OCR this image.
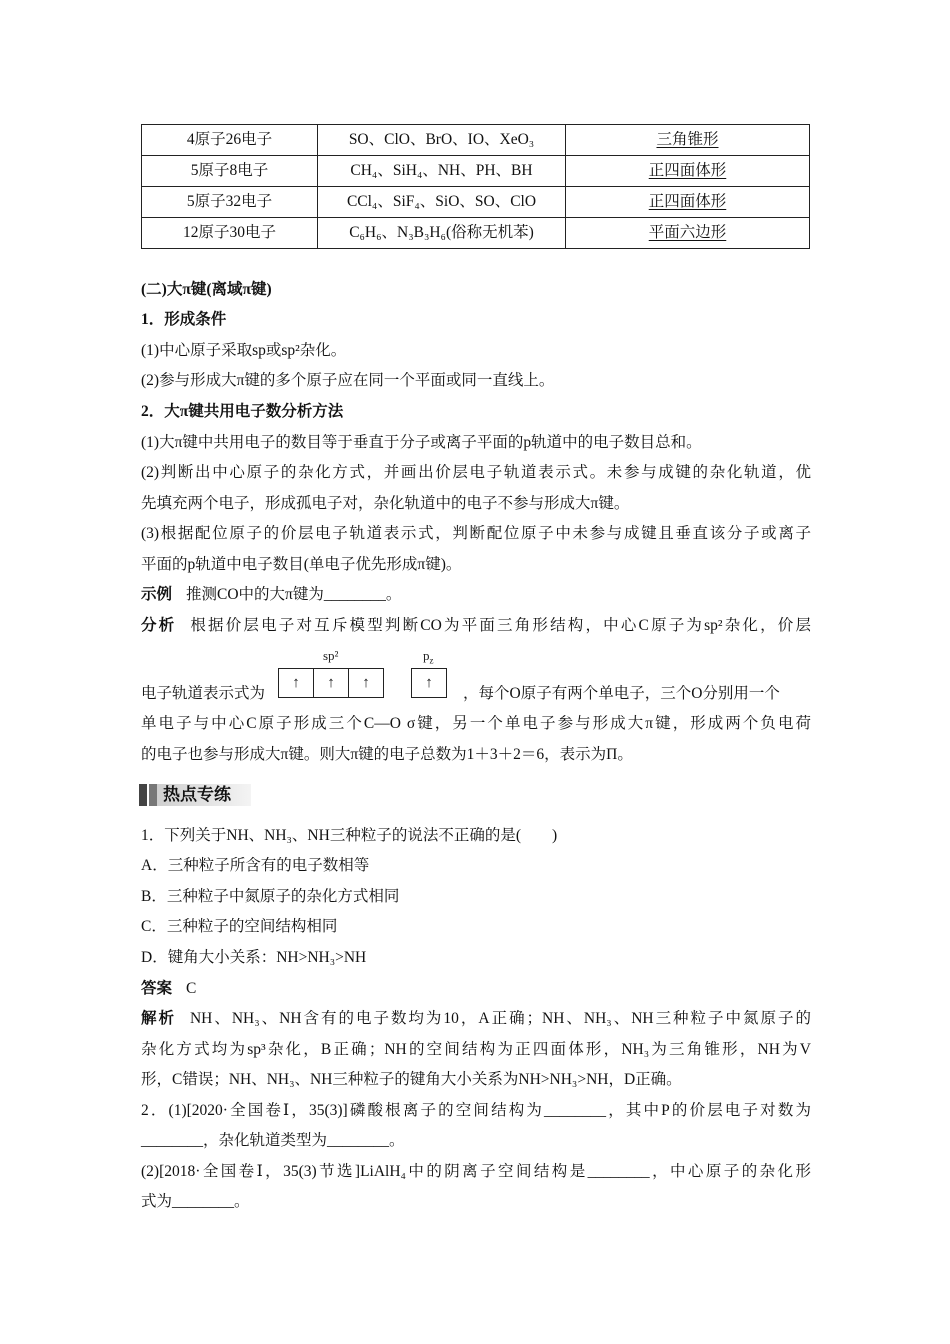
4原子26电子	SO、ClO、BrO、IO、XeO₃	三角锥形
5原子8电子	CH₄、SiH₄、NH、PH、BH	正四面体形
5原子32电子	CCl₄、SiF₄、SiO、SO、ClO	正四面体形
12原子30电子	C₆H₆、N₃B₃H₆(俗称无机苯)	平面六边形
(二)大π键(离域π键)
1．形成条件
(1)中心原子采取sp或sp²杂化。
(2)参与形成大π键的多个原子应在同一个平面或同一直线上。
2．大π键共用电子数分析方法
(1)大π键中共用电子的数目等于垂直于分子或离子平面的p轨道中的电子数目总和。
(2)判断出中心原子的杂化方式，并画出价层电子轨道表示式。未参与成键的杂化轨道，优
先填充两个电子，形成孤电子对，杂化轨道中的电子不参与形成大π键。
(3)根据配位原子的价层电子轨道表示式，判断配位原子中未参与成键且垂直该分子或离子
平面的p轨道中电子数目(单电子优先形成π键)。
示例 推测CO中的大π键为________。
分析 根据价层电子对互斥模型判断CO为平面三角形结构，中心C原子为sp²杂化，价层
电子轨道表示式为	，每个O原子有两个单电子，三个O分别用一个
sp²
↑ ↑ ↑
$p_z$
↑
单电子与中心C原子形成三个C—O σ键，另一个单电子参与形成大π键，形成两个负电荷
的电子也参与形成大π键。则大π键的电子总数为1＋3＋2＝6，表示为Π。
热点专练
1．下列关于NH、NH₃、NH三种粒子的说法不正确的是(　　)
A．三种粒子所含有的电子数相等
B．三种粒子中氮原子的杂化方式相同
C．三种粒子的空间结构相同
D．键角大小关系：NH>NH₃>NH
答案 C
解析 NH、NH₃、NH含有的电子数均为10，A正确；NH、NH₃、NH三种粒子中氮原子的
杂化方式均为sp³杂化，B正确；NH的空间结构为正四面体形，NH₃为三角锥形，NH为V
形，C错误；NH、NH₃、NH三种粒子的键角大小关系为NH>NH₃>NH，D正确。
2．(1)[2020·全国卷Ⅰ，35(3)]磷酸根离子的空间结构为________，其中P的价层电子对数为
________，杂化轨道类型为________。
(2)[2018·全国卷Ⅰ，35(3)节选]LiAlH₄中的阴离子空间结构是________，中心原子的杂化形
式为________。
